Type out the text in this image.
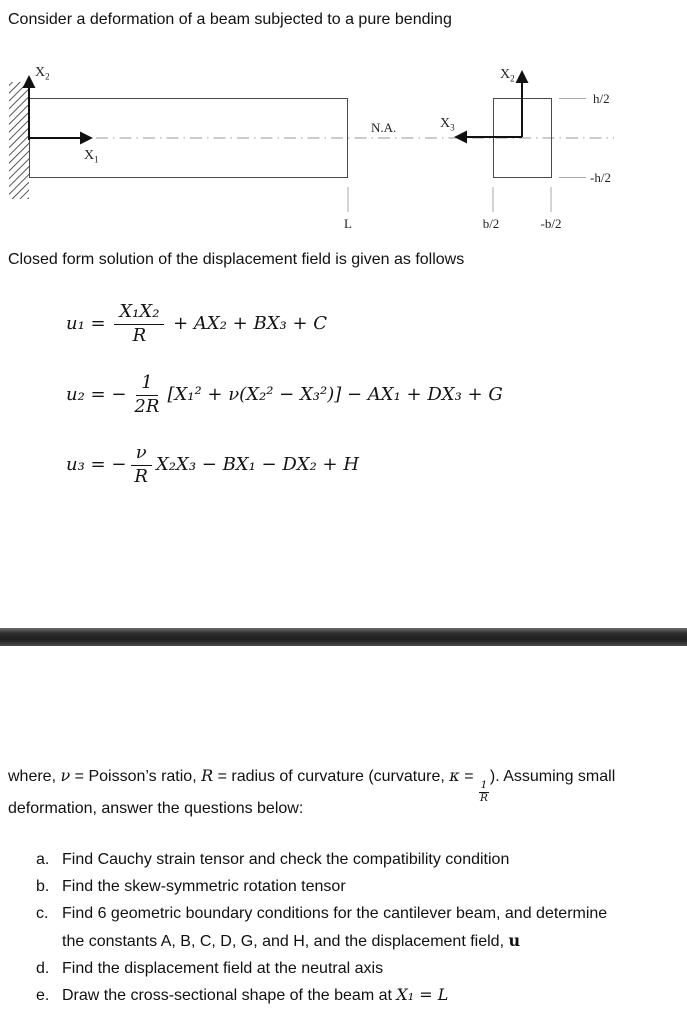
Consider a deformation of a beam subjected to a pure bending
$X_2$
$X_1$
N.A.
L
$X_2$
$X_3$
h/2
-h/2
b/2	-b/2
Closed form solution of the displacement field is given as follows
$u_1 = \frac{\text{X₁X₂}}{R} + AX_2 + BX_3 + C$
u₂ = − $\frac{1}{2R} [X_1^2 + \nu(X_2^2 - X_3^2)] - AX_1 + DX_3 + G$
u₃ = − $\frac{\nu}{R} X_2X_3 - BX_1 - DX_2 + H$
where, ν = Poisson’s ratio, R = radius of curvature (curvature, κ =
$\frac{1}{R}$
). Assuming small
deformation, answer the questions below:
a. Find Cauchy strain tensor and check the compatibility condition
b. Find the skew-symmetric rotation tensor
c. Find 6 geometric boundary conditions for the cantilever beam, and determine
the constants A, B, C, D, G, and H, and the displacement field, u
d. Find the displacement field at the neutral axis
e. Draw the cross-sectional shape of the beam at X₁ = L
